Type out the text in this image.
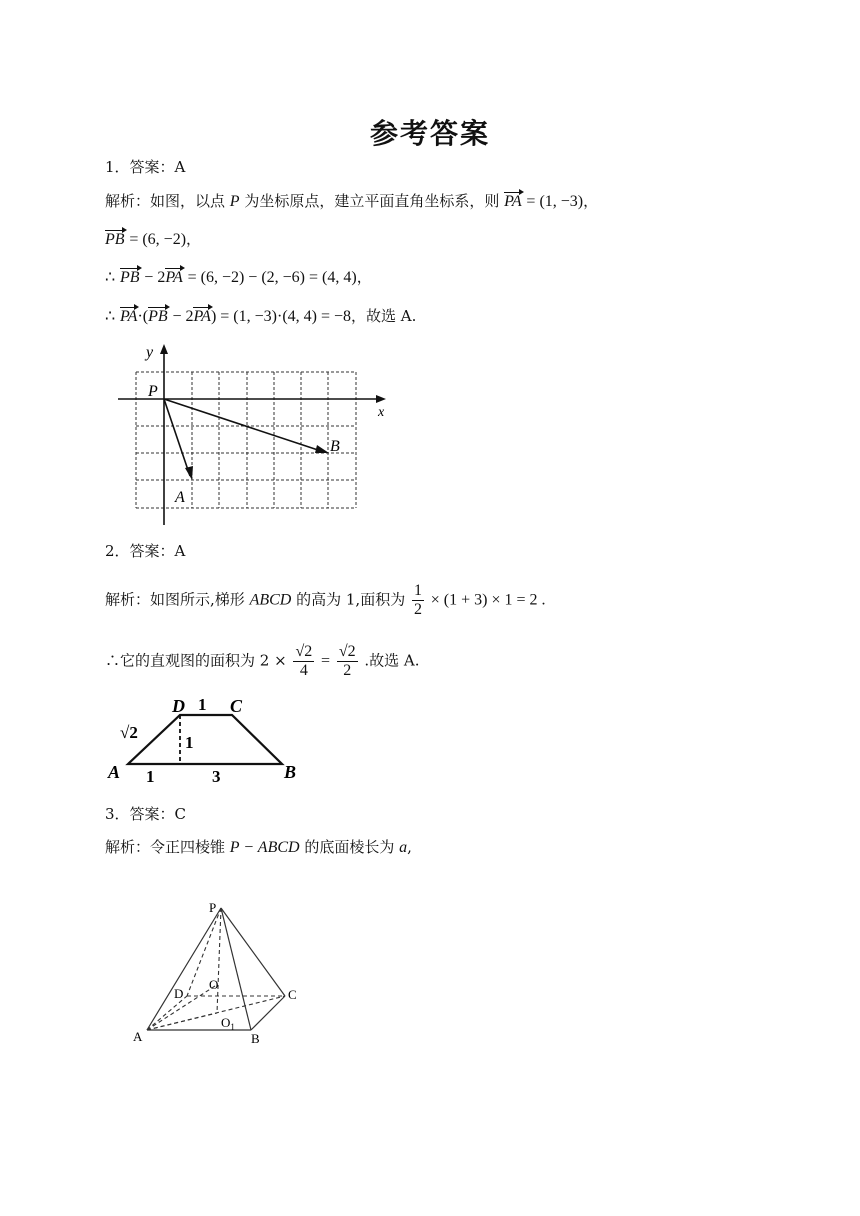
参考答案
1．答案：A
解析：如图，以点 P 为坐标原点，建立平面直角坐标系，则 PA = (1, −3)，
PB = (6, −2)，
∴ PB − 2PA = (6, −2) − (2, −6) = (4, 4)，
∴ PA·(PB − 2PA) = (1, −3)·(4, 4) = −8，故选 A.
y
x
P
A
B
2．答案：A
解析：如图所示,梯形 ABCD 的高为 1,面积为 $\frac{1}{2} \times (1 + 3) \times 1 = 2$ .
∴它的直观图的面积为 $2 \times \frac{√2}{4} = \frac{√2}{2}$ .故选 A.
D 1 C
√2
1
A 1	3	B
3．答案：C
解析：令正四棱锥 P − ABCD 的底面棱长为 a,
P
D
O
C
$O_1$
A	B
